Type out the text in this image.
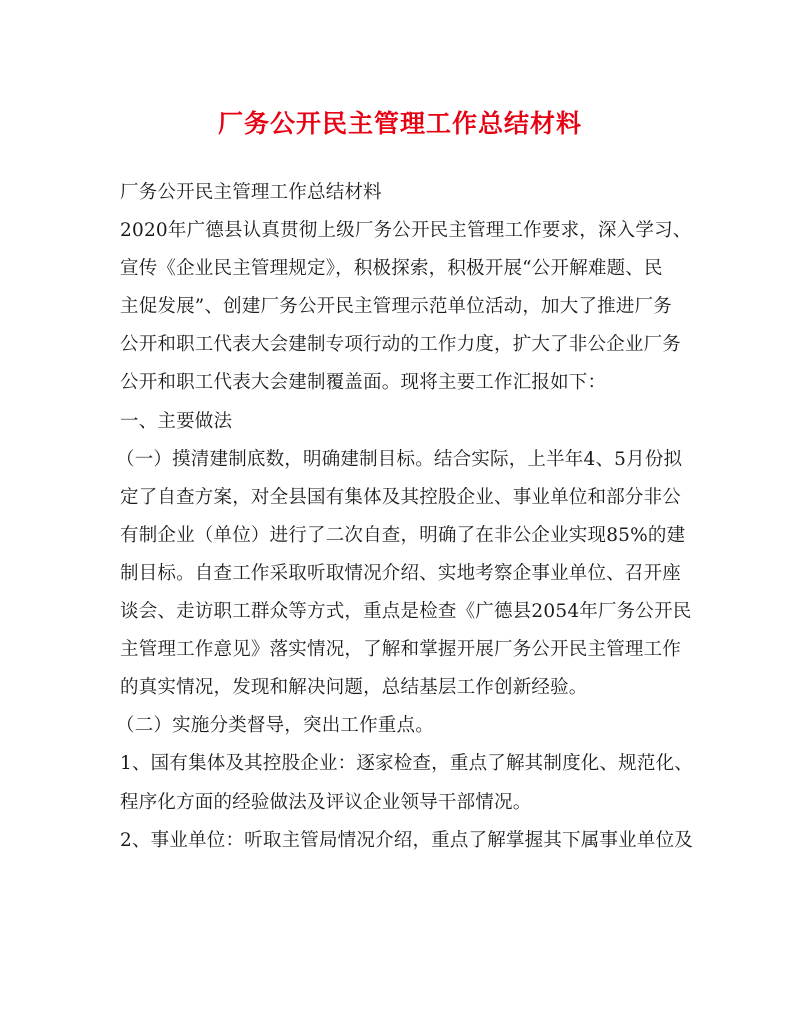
厂务公开民主管理工作总结材料
厂务公开民主管理工作总结材料
2020年广德县认真贯彻上级厂务公开民主管理工作要求，深入学习、
宣传《企业民主管理规定》，积极探索，积极开展“公开解难题、民
主促发展”、创建厂务公开民主管理示范单位活动，加大了推进厂务
公开和职工代表大会建制专项行动的工作力度，扩大了非公企业厂务
公开和职工代表大会建制覆盖面。现将主要工作汇报如下：
一、主要做法
（一）摸清建制底数，明确建制目标。结合实际，上半年4、5月份拟
定了自查方案，对全县国有集体及其控股企业、事业单位和部分非公
有制企业（单位）进行了二次自查，明确了在非公企业实现85%的建
制目标。自查工作采取听取情况介绍、实地考察企事业单位、召开座
谈会、走访职工群众等方式，重点是检查《广德县2054年厂务公开民
主管理工作意见》落实情况，了解和掌握开展厂务公开民主管理工作
的真实情况，发现和解决问题，总结基层工作创新经验。
（二）实施分类督导，突出工作重点。
1、国有集体及其控股企业：逐家检查，重点了解其制度化、规范化、
程序化方面的经验做法及评议企业领导干部情况。
2、事业单位：听取主管局情况介绍，重点了解掌握其下属事业单位及
